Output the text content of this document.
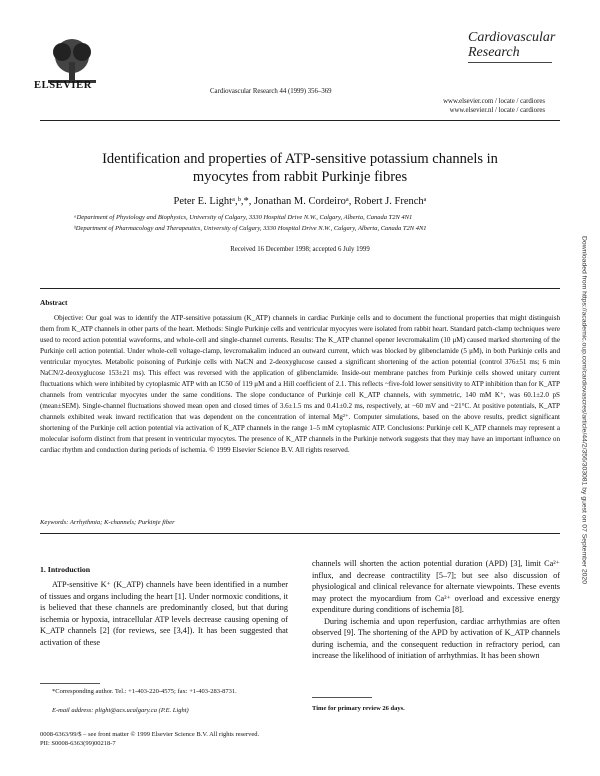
ELSEVIER
Cardiovascular
Research
Cardiovascular Research 44 (1999) 356–369
www.elsevier.com / locate / cardiores
www.elsevier.nl / locate / cardiores
Identification and properties of ATP-sensitive potassium channels in
myocytes from rabbit Purkinje fibres
Peter E. Lightᵃ,ᵇ,*, Jonathan M. Cordeiroᵃ, Robert J. Frenchᵃ
ᵃDepartment of Physiology and Biophysics, University of Calgary, 3330 Hospital Drive N.W., Calgary, Alberta, Canada T2N 4N1
ᵇDepartment of Pharmacology and Therapeutics, University of Calgary, 3330 Hospital Drive N.W., Calgary, Alberta, Canada T2N 4N1
Received 16 December 1998; accepted 6 July 1999
Abstract
Objective: Our goal was to identify the ATP-sensitive potassium (K_ATP) channels in cardiac Purkinje cells and to document the functional properties that might distinguish them from K_ATP channels in other parts of the heart. Methods: Single Purkinje cells and ventricular myocytes were isolated from rabbit heart. Standard patch-clamp techniques were used to record action potential waveforms, and whole-cell and single-channel currents. Results: The K_ATP channel opener levcromakalim (10 μM) caused marked shortening of the Purkinje cell action potential. Under whole-cell voltage-clamp, levcromakalim induced an outward current, which was blocked by glibenclamide (5 μM), in both Purkinje cells and ventricular myocytes. Metabolic poisoning of Purkinje cells with NaCN and 2-deoxyglucose caused a significant shortening of the action potential (control 376±51 ms; 6 min NaCN/2-deoxyglucose 153±21 ms). This effect was reversed with the application of glibenclamide. Inside-out membrane patches from Purkinje cells showed unitary current fluctuations which were inhibited by cytoplasmic ATP with an IC50 of 119 μM and a Hill coefficient of 2.1. This reflects ~five-fold lower sensitivity to ATP inhibition than for K_ATP channels from ventricular myocytes under the same conditions. The slope conductance of Purkinje cell K_ATP channels, with symmetric, 140 mM K⁺, was 60.1±2.0 pS (mean±SEM). Single-channel fluctuations showed mean open and closed times of 3.6±1.5 ms and 0.41±0.2 ms, respectively, at −60 mV and ~21°C. At positive potentials, K_ATP channels exhibited weak inward rectification that was dependent on the concentration of internal Mg²⁺. Computer simulations, based on the above results, predict significant shortening of the Purkinje cell action potential via activation of K_ATP channels in the range 1–5 mM cytoplasmic ATP. Conclusions: Purkinje cell K_ATP channels may represent a molecular isoform distinct from that present in ventricular myocytes. The presence of K_ATP channels in the Purkinje network suggests that they may have an important influence on cardiac rhythm and conduction during periods of ischemia. © 1999 Elsevier Science B.V. All rights reserved.
Keywords: Arrhythmia; K-channels; Purkinje fiber
1. Introduction

ATP-sensitive K⁺ (K_ATP) channels have been identified in a number of tissues and organs including the heart [1]. Under normoxic conditions, it is believed that these channels are predominantly closed, but that during ischemia or hypoxia, intracellular ATP levels decrease causing opening of K_ATP channels [2] (for reviews, see [3,4]). It has been suggested that activation of these

channels will shorten the action potential duration (APD) [3], limit Ca²⁺ influx, and decrease contractility [5–7]; but see also discussion of physiological and clinical relevance for alternate viewpoints. These events may protect the myocardium from Ca²⁺ overload and excessive energy expenditure during conditions of ischemia [8].

During ischemia and upon reperfusion, cardiac arrhythmias are often observed [9]. The shortening of the APD by activation of K_ATP channels during ischemia, and the consequent reduction in refractory period, can increase the likelihood of initiation of arrhythmias. It has been shown

*Corresponding author. Tel.: +1-403-220-4575; fax: +1-403-283-8731.
E-mail address: plight@acs.ucalgary.ca (P.E. Light)	Time for primary review 26 days.
0008-6363/99/$ – see front matter © 1999 Elsevier Science B.V. All rights reserved.
PII: S0008-6363(99)00218-7
Downloaded from https://academic.oup.com/cardiovascres/article/44/2/356/303081 by guest on 07 September 2020
